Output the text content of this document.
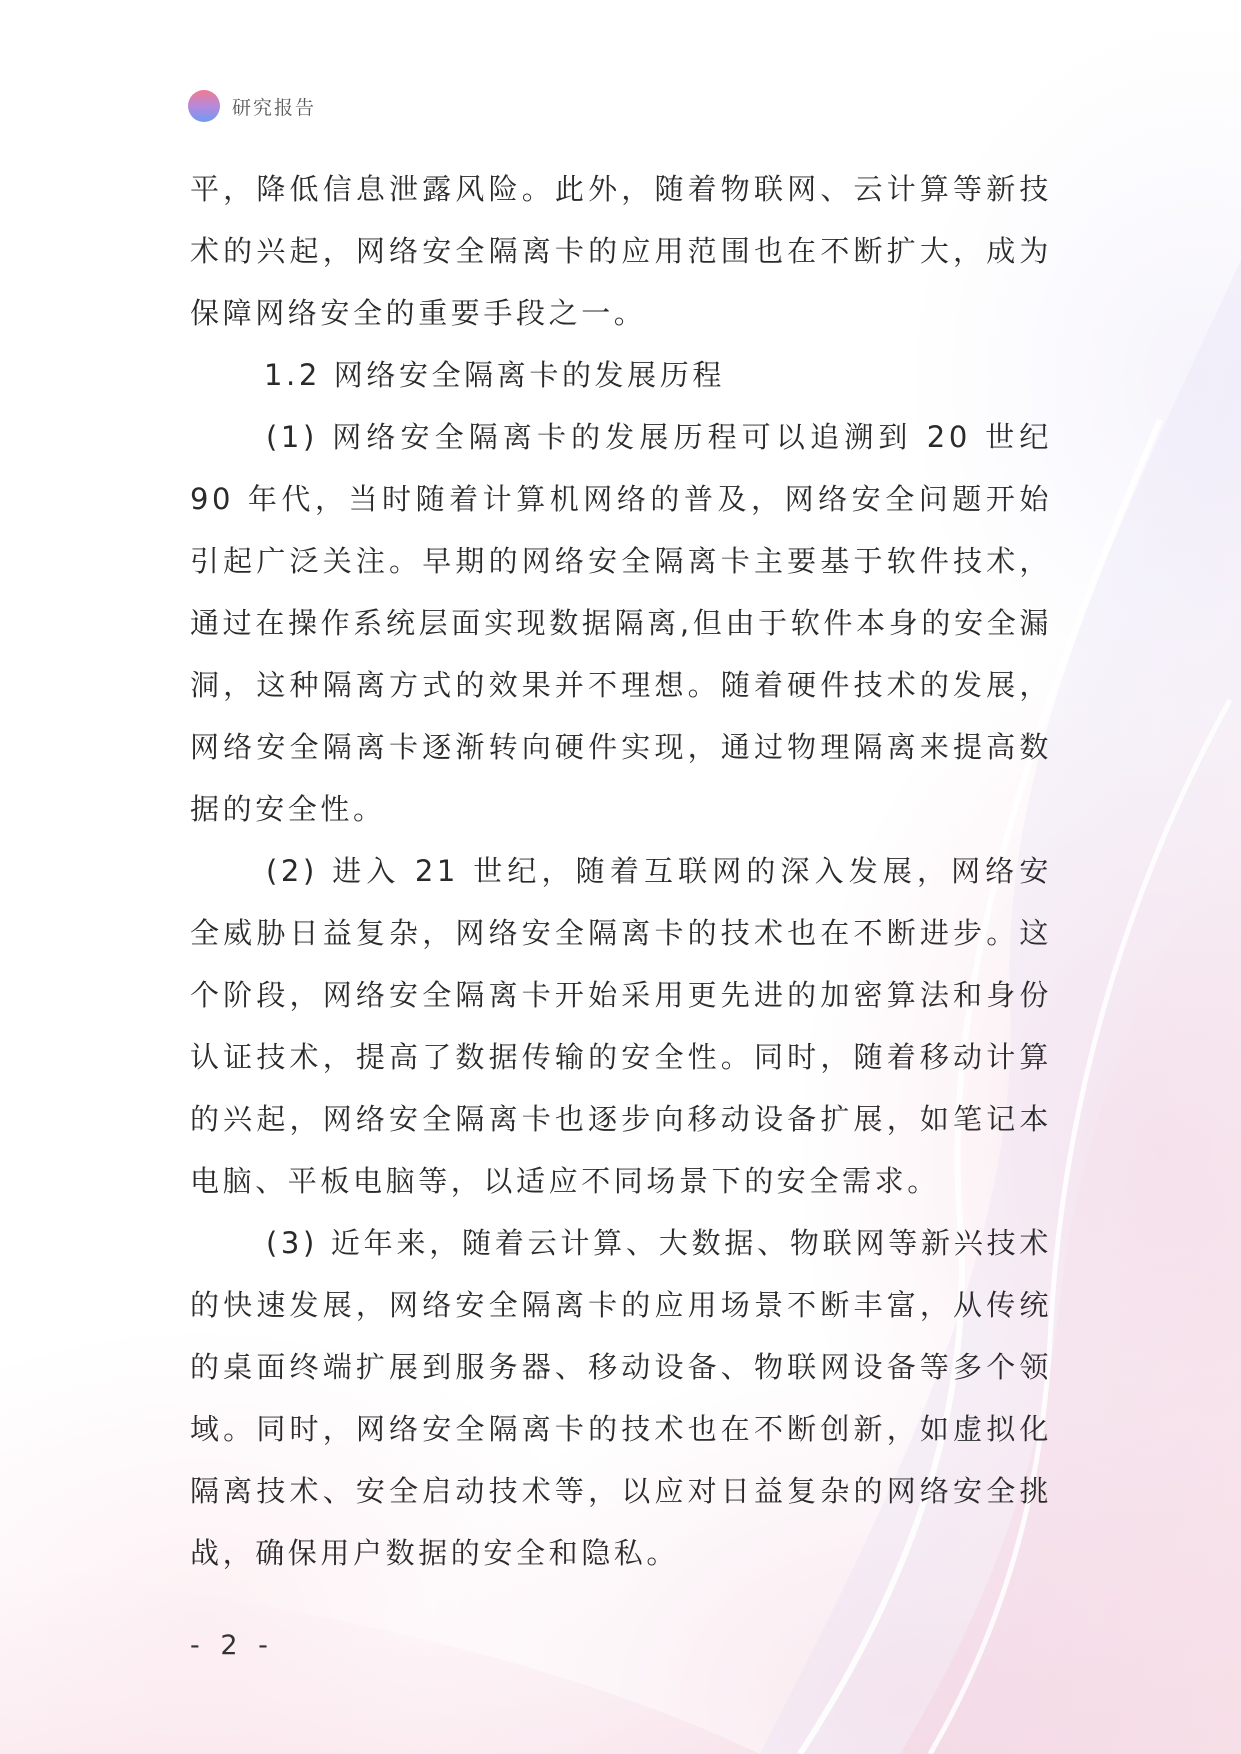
研究报告

平，降低信息泄露风险。此外，随着物联网、云计算等新技术的兴起，网络安全隔离卡的应用范围也在不断扩大，成为保障网络安全的重要手段之一。

1.2 网络安全隔离卡的发展历程

(1) 网络安全隔离卡的发展历程可以追溯到 20 世纪 90 年代，当时随着计算机网络的普及，网络安全问题开始引起广泛关注。早期的网络安全隔离卡主要基于软件技术，通过在操作系统层面实现数据隔离,但由于软件本身的安全漏洞，这种隔离方式的效果并不理想。随着硬件技术的发展，网络安全隔离卡逐渐转向硬件实现，通过物理隔离来提高数据的安全性。

(2) 进入 21 世纪，随着互联网的深入发展，网络安全威胁日益复杂，网络安全隔离卡的技术也在不断进步。这个阶段，网络安全隔离卡开始采用更先进的加密算法和身份认证技术，提高了数据传输的安全性。同时，随着移动计算的兴起，网络安全隔离卡也逐步向移动设备扩展，如笔记本电脑、平板电脑等，以适应不同场景下的安全需求。

(3) 近年来，随着云计算、大数据、物联网等新兴技术的快速发展，网络安全隔离卡的应用场景不断丰富，从传统的桌面终端扩展到服务器、移动设备、物联网设备等多个领域。同时，网络安全隔离卡的技术也在不断创新，如虚拟化隔离技术、安全启动技术等，以应对日益复杂的网络安全挑战，确保用户数据的安全和隐私。

- 2 -
